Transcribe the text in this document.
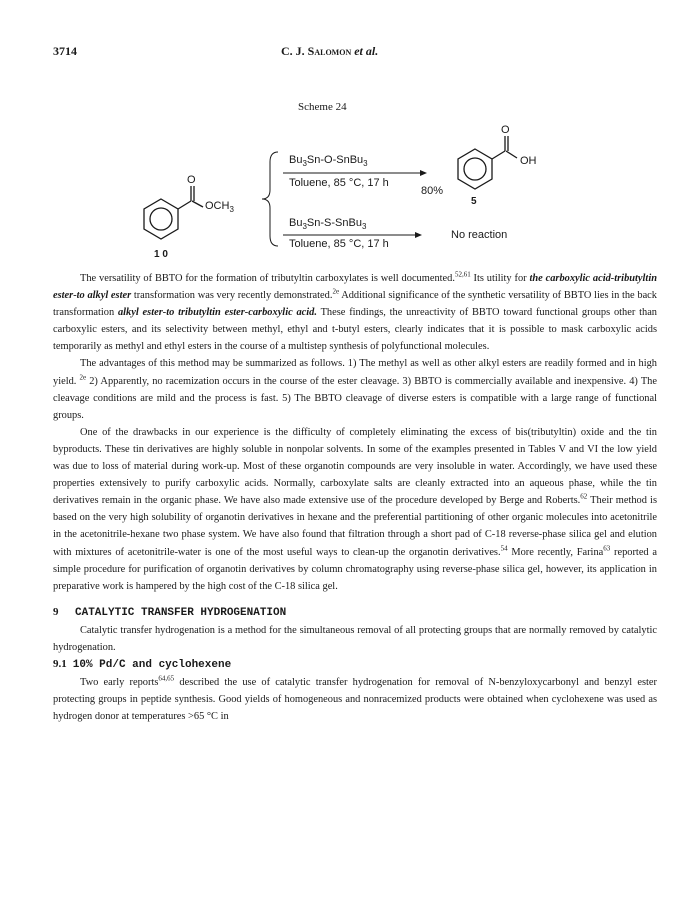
3714	C. J. Salomon et al.
Scheme 24
O
O
$OCH_3$
1 0
$Bu_3Sn-O-SnBu_3$
Toluene, 85 °C, 17 h
80%
OH
5
$Bu_3Sn-S-SnBu_3$
Toluene, 85 °C, 17 h
No reaction

The versatility of BBTO for the formation of tributyltin carboxylates is well documented.$^{52,61}$ Its utility for the carboxylic acid-tributyltin ester-to alkyl ester transformation was very recently demonstrated.$^{2e}$ Additional significance of the synthetic versatility of BBTO lies in the back transformation alkyl ester-to tributyltin ester-carboxylic acid. These findings, the unreactivity of BBTO toward functional groups other than carboxylic esters, and its selectivity between methyl, ethyl and t-butyl esters, clearly indicates that it is possible to mask carboxylic acids temporarily as methyl and ethyl esters in the course of a multistep synthesis of polyfunctional molecules.

The advantages of this method may be summarized as follows. 1) The methyl as well as other alkyl esters are readily formed and in high yield. $^{2e}$ 2) Apparently, no racemization occurs in the course of the ester cleavage. 3) BBTO is commercially available and inexpensive. 4) The cleavage conditions are mild and the process is fast. 5) The BBTO cleavage of diverse esters is compatible with a large range of functional groups.

One of the drawbacks in our experience is the difficulty of completely eliminating the excess of bis(tributyltin) oxide and the tin byproducts. These tin derivatives are highly soluble in nonpolar solvents. In some of the examples presented in Tables V and VI the low yield was due to loss of material during work-up. Most of these organotin compounds are very insoluble in water. Accordingly, we have used these properties extensively to purify carboxylic acids. Normally, carboxylate salts are cleanly extracted into an aqueous phase, while the tin derivatives remain in the organic phase. We have also made extensive use of the procedure developed by Berge and Roberts.$^{62}$ Their method is based on the very high solubility of organotin derivatives in hexane and the preferential partitioning of other organic molecules into acetonitrile in the acetonitrile-hexane two phase system. We have also found that filtration through a short pad of C-18 reverse-phase silica gel and elution with mixtures of acetonitrile-water is one of the most useful ways to clean-up the organotin derivatives.$^{54}$ More recently, Farina$^{63}$ reported a simple procedure for purification of organotin derivatives by column chromatography using reverse-phase silica gel, however, its application in preparative work is hampered by the high cost of the C-18 silica gel.

9 CATALYTIC TRANSFER HYDROGENATION

Catalytic transfer hydrogenation is a method for the simultaneous removal of all protecting groups that are normally removed by catalytic hydrogenation.

9.1 10% Pd/C and cyclohexene

Two early reports$^{64,65}$ described the use of catalytic transfer hydrogenation for removal of N-benzyloxycarbonyl and benzyl ester protecting groups in peptide synthesis. Good yields of homogeneous and nonracemized products were obtained when cyclohexene was used as hydrogen donor at temperatures >65 °C in
